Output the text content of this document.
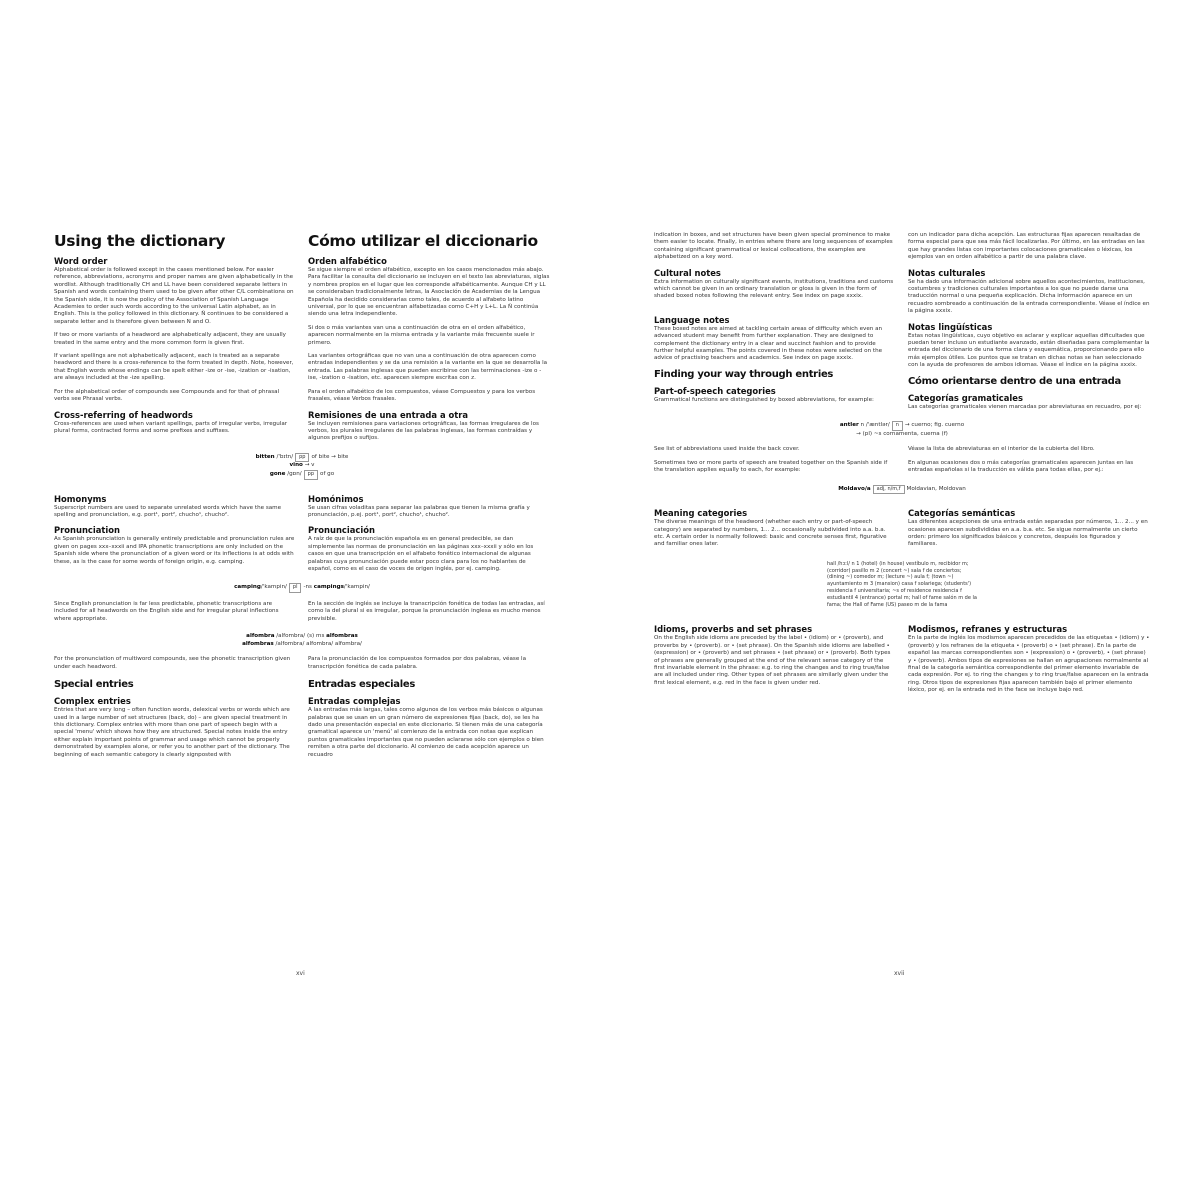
Using the dictionary
Word order

Alphabetical order is followed except in the cases mentioned below. For easier reference, abbreviations, acronyms and proper names are given alphabetically in the wordlist. Although traditionally CH and LL have been considered separate letters in Spanish and words containing them used to be given after other C/L combinations on the Spanish side, it is now the policy of the Association of Spanish Language Academies to order such words according to the universal Latin alphabet, as in English. This is the policy followed in this dictionary. Ñ continues to be considered a separate letter and is therefore given between N and O.

If two or more variants of a headword are alphabetically adjacent, they are usually treated in the same entry and the more common form is given first.

If variant spellings are not alphabetically adjacent, each is treated as a separate headword and there is a cross-reference to the form treated in depth. Note, however, that English words whose endings can be spelt either -ize or -ise, -ization or -isation, are always included at the -ize spelling.

For the alphabetical order of compounds see Compounds and for that of phrasal verbs see Phrasal verbs.

Cross-referring of headwords

Cross-references are used when variant spellings, parts of irregular verbs, irregular plural forms, contracted forms and some prefixes and suffixes.

Cómo utilizar el diccionario
Orden alfabético

Se sigue siempre el orden alfabético, excepto en los casos mencionados más abajo. Para facilitar la consulta del diccionario se incluyen en el texto las abreviaturas, siglas y nombres propios en el lugar que les corresponde alfabéticamente. Aunque CH y LL se consideraban tradicionalmente letras, la Asociación de Academias de la Lengua Española ha decidido considerarlas como tales, de acuerdo al alfabeto latino universal, por lo que se encuentran alfabetizadas como C+H y L+L. La Ñ continúa siendo una letra independiente.

Si dos o más variantes van una a continuación de otra en el orden alfabético, aparecen normalmente en la misma entrada y la variante más frecuente suele ir primero.

Las variantes ortográficas que no van una a continuación de otra aparecen como entradas independientes y se da una remisión a la variante en la que se desarrolla la entrada. Las palabras inglesas que pueden escribirse con las terminaciones -ize o -ise, -ization o -isation, etc. aparecen siempre escritas con z.

Para el orden alfabético de los compuestos, véase Compuestos y para los verbos frasales, véase Verbos frasales.

Remisiones de una entrada a otra

Se incluyen remisiones para variaciones ortográficas, las formas irregulares de los verbos, los plurales irregulares de las palabras inglesas, las formas contraídas y algunos prefijos o sufijos.

bitten /'bɪtn/ pp of bite → bite
vino → v
gone /gɒn/ pp of go
Homonyms

Superscript numbers are used to separate unrelated words which have the same spelling and pronunciation, e.g. port¹, port², chucho¹, chucho².

Pronunciation

As Spanish pronunciation is generally entirely predictable and pronunciation rules are given on pages xxx–xxxii and IPA phonetic transcriptions are only included on the Spanish side where the pronunciation of a given word or its inflections is at odds with these, as is the case for some words of foreign origin, e.g. camping.

Homónimos

Se usan cifras voladitas para separar las palabras que tienen la misma grafía y pronunciación, p.ej. port¹, port², chucho¹, chucho².

Pronunciación

A raíz de que la pronunciación española es en general predecible, se dan simplemente las normas de pronunciación en las páginas xxx–xxxii y sólo en los casos en que una transcripción en el alfabeto fonético internacional de algunas palabras cuya pronunciación puede estar poco clara para los no hablantes de español, como es el caso de voces de origen inglés, por ej. camping.

camping/'kampin/ pl -ns campings/'kampin/

Since English pronunciation is far less predictable, phonetic transcriptions are included for all headwords on the English side and for irregular plural inflections where appropriate.

En la sección de inglés se incluye la transcripción fonética de todas las entradas, así como la del plural si es irregular, porque la pronunciación inglesa es mucho menos previsible.

alfombra /alfombra/ (s) ms alfombras
alfombras /alfombra/ alfombra/ alfombra/

For the pronunciation of multiword compounds, see the phonetic transcription given under each headword.

Special entries
Complex entries

Entries that are very long – often function words, delexical verbs or words which are used in a large number of set structures (back, do) – are given special treatment in this dictionary. Complex entries with more than one part of speech begin with a special 'menu' which shows how they are structured. Special notes inside the entry either explain important points of grammar and usage which cannot be properly demonstrated by examples alone, or refer you to another part of the dictionary. The beginning of each semantic category is clearly signposted with

Para la pronunciación de los compuestos formados por dos palabras, véase la transcripción fonética de cada palabra.

Entradas especiales
Entradas complejas

A las entradas más largas, tales como algunos de los verbos más básicos o algunas palabras que se usan en un gran número de expresiones fijas (back, do), se les ha dado una presentación especial en este diccionario. Si tienen más de una categoría gramatical aparece un 'menú' al comienzo de la entrada con notas que explican puntos gramaticales importantes que no pueden aclararse sólo con ejemplos o bien remiten a otra parte del diccionario. Al comienzo de cada acepción aparece un recuadro

indication in boxes, and set structures have been given special prominence to make them easier to locate. Finally, in entries where there are long sequences of examples containing significant grammatical or lexical collocations, the examples are alphabetized on a key word.

Cultural notes

Extra information on culturally significant events, institutions, traditions and customs which cannot be given in an ordinary translation or gloss is given in the form of shaded boxed notes following the relevant entry. See index on page xxxix.

Language notes

These boxed notes are aimed at tackling certain areas of difficulty which even an advanced student may benefit from further explanation. They are designed to complement the dictionary entry in a clear and succinct fashion and to provide further helpful examples. The points covered in these notes were selected on the advice of practising teachers and academics. See index on page xxxix.

Finding your way through entries
Part-of-speech categories

Grammatical functions are distinguished by boxed abbreviations, for example:

con un indicador para dicha acepción. Las estructuras fijas aparecen resaltadas de forma especial para que sea más fácil localizarlas. Por último, en las entradas en las que hay grandes listas con importantes colocaciones gramaticales o léxicas, los ejemplos van en orden alfabético a partir de una palabra clave.

Notas culturales

Se ha dado una información adicional sobre aquellos acontecimientos, instituciones, costumbres y tradiciones culturales importantes a los que no puede darse una traducción normal o una pequeña explicación. Dicha información aparece en un recuadro sombreado a continuación de la entrada correspondiente. Véase el índice en la página xxxix.

Notas lingüísticas

Estas notas lingüísticas, cuyo objetivo es aclarar y explicar aquellas dificultades que puedan tener incluso un estudiante avanzado, están diseñadas para complementar la entrada del diccionario de una forma clara y esquemática, proporcionando para ello más ejemplos útiles. Los puntos que se tratan en dichas notas se han seleccionado con la ayuda de profesores de ambos idiomas. Véase el índice en la página xxxix.

Cómo orientarse dentro de una entrada
Categorías gramaticales

Las categorías gramaticales vienen marcadas por abreviaturas en recuadro, por ej:

antler n /'æntlər/ n → cuerno; fig. cuerno
→ (pl) ~s cornamenta, cuerna (f)

See list of abbreviations used inside the back cover.

Sometimes two or more parts of speech are treated together on the Spanish side if the translation applies equally to each, for example:

Véase la lista de abreviaturas en el interior de la cubierta del libro.

En algunas ocasiones dos o más categorías gramaticales aparecen juntas en las entradas españolas si la traducción es válida para todas ellas, por ej.:

Moldavo/a adj, n/m,f Moldavian, Moldovan
Meaning categories

The diverse meanings of the headword (whether each entry or part-of-speech category) are separated by numbers, 1... 2... occasionally subdivided into a.a. b.a. etc. A certain order is normally followed: basic and concrete senses first, figurative and familiar ones later.

Categorías semánticas

Las diferentes acepciones de una entrada están separadas por números, 1... 2... y en ocasiones aparecen subdivididas en a.a. b.a. etc. Se sigue normalmente un cierto orden: primero los significados básicos y concretos, después los figurados y familiares.

hall /hɔːl/ n 1 (hotel) (in house) vestíbulo m, recibidor m; (corridor) pasillo m 2 (concert ~) sala f de conciertos; (dining ~) comedor m; (lecture ~) aula f; (town ~) ayuntamiento m 3 (mansion) casa f solariega; (students') residencia f universitaria; ~s of residence residencia f estudiantil 4 (entrance) portal m; hall of fame salón m de la fama; the Hall of Fame (US) paseo m de la fama
Idioms, proverbs and set phrases

On the English side idioms are preceded by the label • (idiom) or • (proverb), and proverbs by • (proverb). or • (set phrase). On the Spanish side idioms are labelled • (expression) or • (proverb) and set phrases • (set phrase) or • (proverb). Both types of phrases are generally grouped at the end of the relevant sense category of the first invariable element in the phrase: e.g. to ring the changes and to ring true/false are all included under ring. Other types of set phrases are similarly given under the first lexical element, e.g. red in the face is given under red.

Modismos, refranes y estructuras

En la parte de inglés los modismos aparecen precedidos de las etiquetas • (idiom) y • (proverb) y los refranes de la etiqueta • (proverb) o • (set phrase). En la parte de español las marcas correspondientes son • (expression) o • (proverb), • (set phrase) y • (proverb). Ambos tipos de expresiones se hallan en agrupaciones normalmente al final de la categoría semántica correspondiente del primer elemento invariable de cada expresión. Por ej. to ring the changes y to ring true/false aparecen en la entrada ring. Otros tipos de expresiones fijas aparecen también bajo el primer elemento léxico, por ej. en la entrada red in the face se incluye bajo red.

xvi	xvii
